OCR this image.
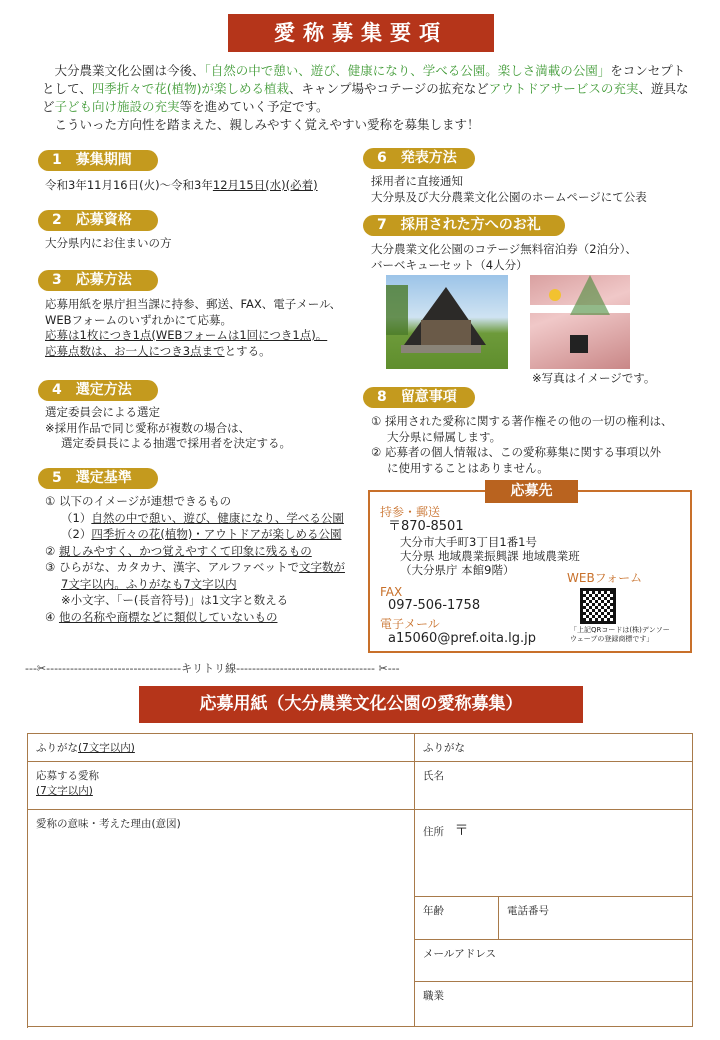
愛称募集要項

　大分農業文化公園は今後、「自然の中で憩い、遊び、健康になり、学べる公園。楽しさ満載の公園」をコンセプトとして、四季折々で花(植物)が楽しめる植栽、キャンプ場やコテージの拡充などアウトドアサービスの充実、遊具など子ども向け施設の充実等を進めていく予定です。

　こういった方向性を踏まえた、親しみやすく覚えやすい愛称を募集します！

1　募集期間
令和3年11月16日(火)～令和3年12月15日(水)(必着)
2　応募資格
大分県内にお住まいの方
3　応募方法
応募用紙を県庁担当課に持参、郵送、FAX、電子メール、
WEBフォームのいずれかにて応募。
応募は1枚につき1点(WEBフォームは1回につき1点)。
応募点数は、お一人につき3点までとする。
4　選定方法
選定委員会による選定
※採用作品で同じ愛称が複数の場合は、
選定委員長による抽選で採用者を決定する。
5　選定基準
① 以下のイメージが連想できるもの
（1）自然の中で憩い、遊び、健康になり、学べる公園
（2）四季折々の花(植物)・アウトドアが楽しめる公園
② 親しみやすく、かつ覚えやすくて印象に残るもの
③ ひらがな、カタカナ、漢字、アルファベットで文字数が
7文字以内。ふりがなも7文字以内
※小文字、「ー(長音符号)」は1文字と数える
④ 他の名称や商標などに類似していないもの
6　発表方法
採用者に直接通知
大分県及び大分農業文化公園のホームページにて公表
7　採用された方へのお礼
大分農業文化公園のコテージ無料宿泊券（2泊分）、
バーベキューセット（4人分）
※写真はイメージです。
8　留意事項
① 採用された愛称に関する著作権その他の一切の権利は、
大分県に帰属します。
② 応募者の個人情報は、この愛称募集に関する事項以外
に使用することはありません。
持参・郵送
〒870-8501
大分市大手町3丁目1番1号
大分県 地域農業振興課 地域農業班
（大分県庁 本館9階）
FAX
097-506-1758
電子メール
a15060@pref.oita.lg.jp
WEBフォーム
「上記QRコードは(株)デンソー
ウェーブの登録商標です」
応募先
---✂----------------------------------キリトリ線----------------------------------- ✂---
応募用紙（大分農業文化公園の愛称募集）
ふりがな(7文字以内)	ふりがな	

応募する愛称
(7文字以内)	氏名	
愛称の意味・考えた理由(意図)	住所　 〒	
	年齢	電話番号
	メールアドレス	
	職業	
